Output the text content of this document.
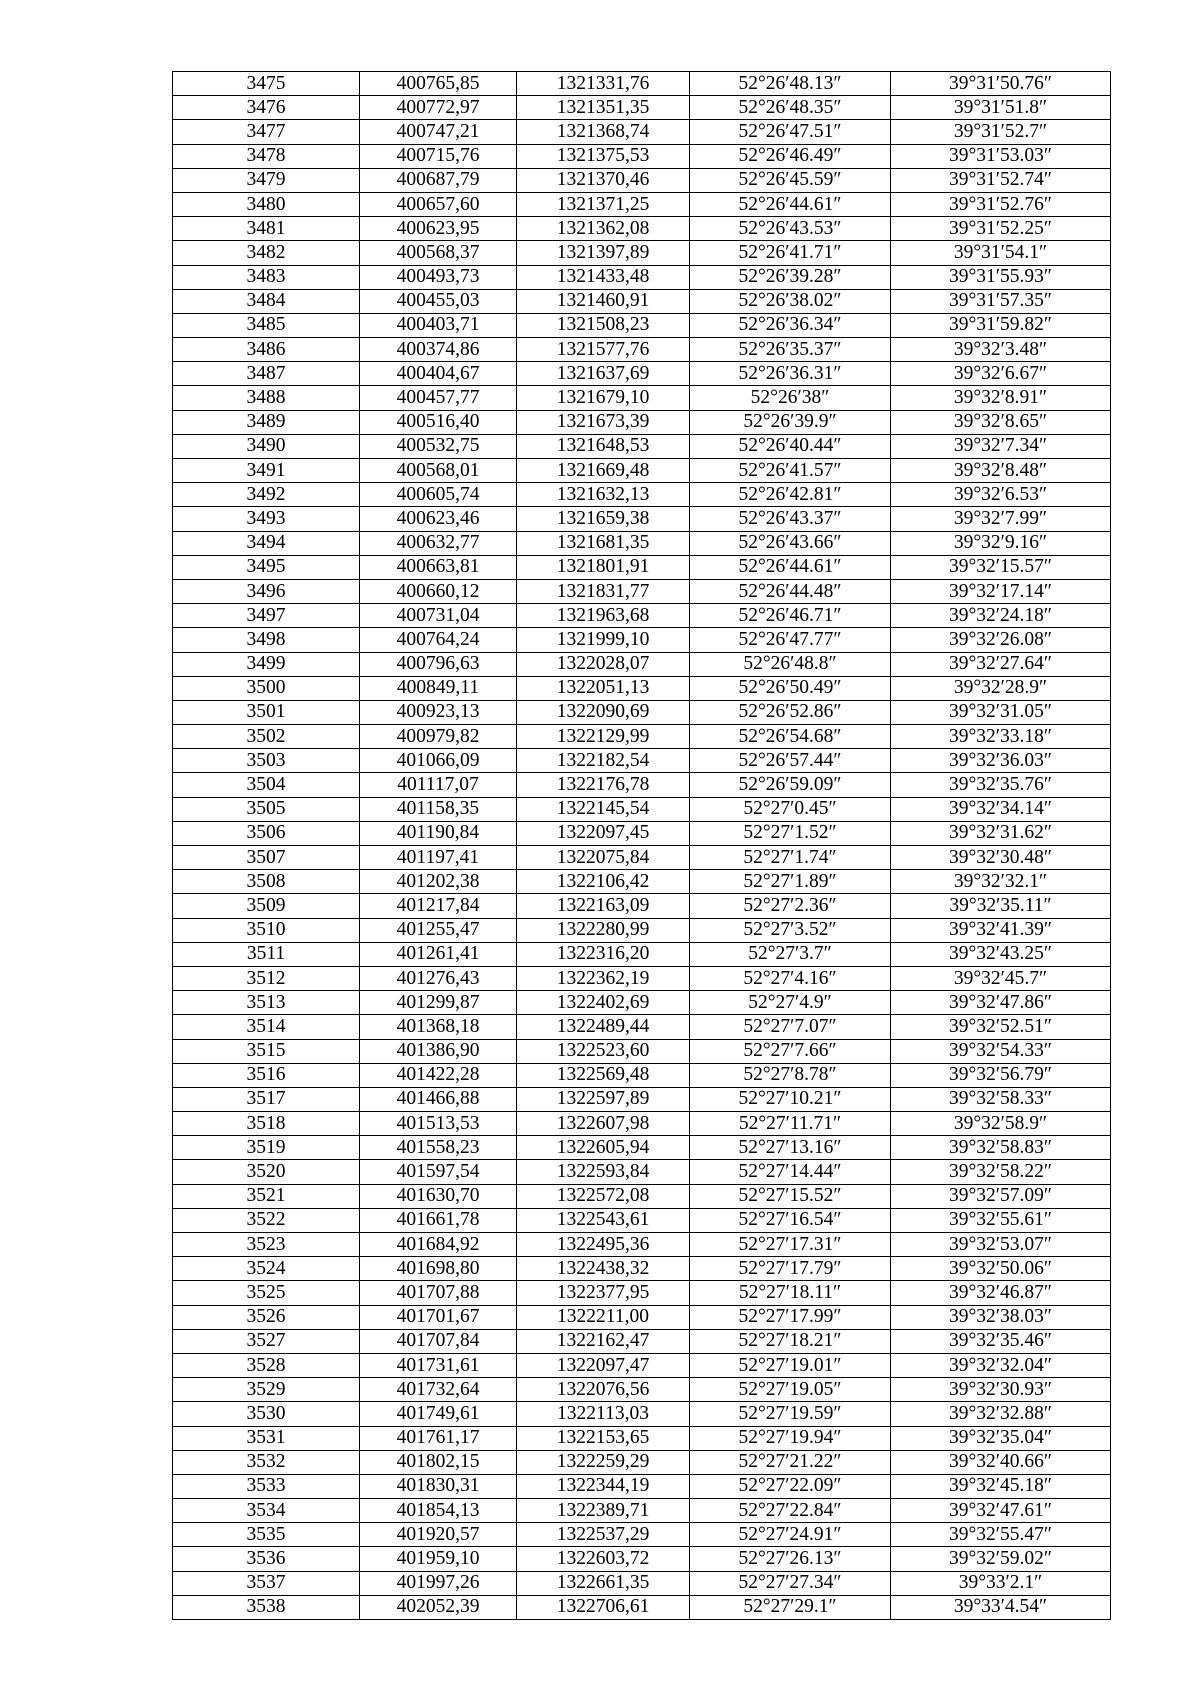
3475	400765,85	1321331,76	52°26′48.13″	39°31′50.76″
3476	400772,97	1321351,35	52°26′48.35″	39°31′51.8″
3477	400747,21	1321368,74	52°26′47.51″	39°31′52.7″
3478	400715,76	1321375,53	52°26′46.49″	39°31′53.03″
3479	400687,79	1321370,46	52°26′45.59″	39°31′52.74″
3480	400657,60	1321371,25	52°26′44.61″	39°31′52.76″
3481	400623,95	1321362,08	52°26′43.53″	39°31′52.25″
3482	400568,37	1321397,89	52°26′41.71″	39°31′54.1″
3483	400493,73	1321433,48	52°26′39.28″	39°31′55.93″
3484	400455,03	1321460,91	52°26′38.02″	39°31′57.35″
3485	400403,71	1321508,23	52°26′36.34″	39°31′59.82″
3486	400374,86	1321577,76	52°26′35.37″	39°32′3.48″
3487	400404,67	1321637,69	52°26′36.31″	39°32′6.67″
3488	400457,77	1321679,10	52°26′38″	39°32′8.91″
3489	400516,40	1321673,39	52°26′39.9″	39°32′8.65″
3490	400532,75	1321648,53	52°26′40.44″	39°32′7.34″
3491	400568,01	1321669,48	52°26′41.57″	39°32′8.48″
3492	400605,74	1321632,13	52°26′42.81″	39°32′6.53″
3493	400623,46	1321659,38	52°26′43.37″	39°32′7.99″
3494	400632,77	1321681,35	52°26′43.66″	39°32′9.16″
3495	400663,81	1321801,91	52°26′44.61″	39°32′15.57″
3496	400660,12	1321831,77	52°26′44.48″	39°32′17.14″
3497	400731,04	1321963,68	52°26′46.71″	39°32′24.18″
3498	400764,24	1321999,10	52°26′47.77″	39°32′26.08″
3499	400796,63	1322028,07	52°26′48.8″	39°32′27.64″
3500	400849,11	1322051,13	52°26′50.49″	39°32′28.9″
3501	400923,13	1322090,69	52°26′52.86″	39°32′31.05″
3502	400979,82	1322129,99	52°26′54.68″	39°32′33.18″
3503	401066,09	1322182,54	52°26′57.44″	39°32′36.03″
3504	401117,07	1322176,78	52°26′59.09″	39°32′35.76″
3505	401158,35	1322145,54	52°27′0.45″	39°32′34.14″
3506	401190,84	1322097,45	52°27′1.52″	39°32′31.62″
3507	401197,41	1322075,84	52°27′1.74″	39°32′30.48″
3508	401202,38	1322106,42	52°27′1.89″	39°32′32.1″
3509	401217,84	1322163,09	52°27′2.36″	39°32′35.11″
3510	401255,47	1322280,99	52°27′3.52″	39°32′41.39″
3511	401261,41	1322316,20	52°27′3.7″	39°32′43.25″
3512	401276,43	1322362,19	52°27′4.16″	39°32′45.7″
3513	401299,87	1322402,69	52°27′4.9″	39°32′47.86″
3514	401368,18	1322489,44	52°27′7.07″	39°32′52.51″
3515	401386,90	1322523,60	52°27′7.66″	39°32′54.33″
3516	401422,28	1322569,48	52°27′8.78″	39°32′56.79″
3517	401466,88	1322597,89	52°27′10.21″	39°32′58.33″
3518	401513,53	1322607,98	52°27′11.71″	39°32′58.9″
3519	401558,23	1322605,94	52°27′13.16″	39°32′58.83″
3520	401597,54	1322593,84	52°27′14.44″	39°32′58.22″
3521	401630,70	1322572,08	52°27′15.52″	39°32′57.09″
3522	401661,78	1322543,61	52°27′16.54″	39°32′55.61″
3523	401684,92	1322495,36	52°27′17.31″	39°32′53.07″
3524	401698,80	1322438,32	52°27′17.79″	39°32′50.06″
3525	401707,88	1322377,95	52°27′18.11″	39°32′46.87″
3526	401701,67	1322211,00	52°27′17.99″	39°32′38.03″
3527	401707,84	1322162,47	52°27′18.21″	39°32′35.46″
3528	401731,61	1322097,47	52°27′19.01″	39°32′32.04″
3529	401732,64	1322076,56	52°27′19.05″	39°32′30.93″
3530	401749,61	1322113,03	52°27′19.59″	39°32′32.88″
3531	401761,17	1322153,65	52°27′19.94″	39°32′35.04″
3532	401802,15	1322259,29	52°27′21.22″	39°32′40.66″
3533	401830,31	1322344,19	52°27′22.09″	39°32′45.18″
3534	401854,13	1322389,71	52°27′22.84″	39°32′47.61″
3535	401920,57	1322537,29	52°27′24.91″	39°32′55.47″
3536	401959,10	1322603,72	52°27′26.13″	39°32′59.02″
3537	401997,26	1322661,35	52°27′27.34″	39°33′2.1″
3538	402052,39	1322706,61	52°27′29.1″	39°33′4.54″
